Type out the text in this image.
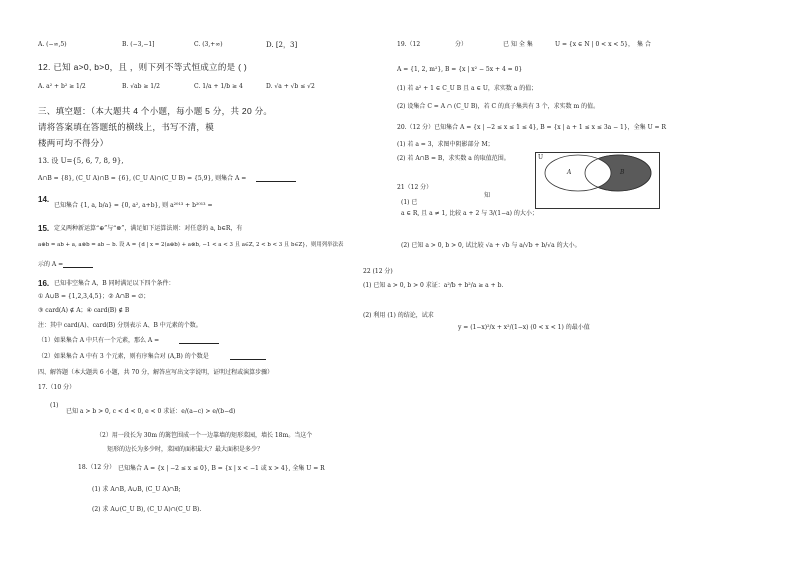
A. (−∞,5)	B. (−3,−1]	C. (3,+∞)	D. [2，3]
12. 已知 a>0, b>0，且 ，则下列不等式恒成立的是 ( )
A. a² + b² ≥ 1/2	B. √ab ≥ 1/2	C. 1/a + 1/b ≥ 4	D. √a + √b ≤ √2
三、填空题：（本大题共 4 个小题，每小题 5 分，共 20 分。
请将答案填在答题纸的横线上，书写不清，模
楼两可均不得分）
13. 设 U={5, 6, 7, 8, 9},
A∩B = {8}, (C_U A)∩B = {6}, (C_U A)∩(C_U B) = {5,9}, 则集合 A =
14.
已知集合 {1, a, b/a} = {0, a², a+b}, 则 a²⁰¹³ + b²⁰¹³ =
15. 定义两种新运算“⊕”与“⊗”，满足如下运算法则：对任意的 a, b∈R，有
a⊕b = ab + a, a⊗b = ab − b. 设 A = {d | x = 2(a⊕b) + a⊗b, −1 < a < 3 且 a∈Z, 2 < b < 3 且 b∈Z}，则用列举法表
示的 A =
16. 已知非空集合 A，B 同时满足以下四个条件：
① A∪B = {1,2,3,4,5}；② A∩B = ∅；
③ card(A) ∉ A；④ card(B) ∉ B
注：其中 card(A)、card(B) 分别表示 A、B 中元素的个数。
（1）如果集合 A 中只有一个元素，那么 A =
（2）如果集合 A 中有 3 个元素，则有序集合对 (A,B) 的个数是
四、解答题（本大题共 6 小题，共 70 分，解答应写出文字说明，证明过程或演算步骤）
17.（10 分）
(1)
已知 a > b > 0, c < d < 0, e < 0 求证：e/(a−c) > e/(b−d)
（2）用一段长为 30m 的篱笆围成一个一边靠墙的矩形菜园，墙长 18m。当这个
矩形的边长为多少时，菜园的面积最大？最大面积是多少？
18.（12 分） 已知集合 A = {x | −2 ≤ x ≤ 0}, B = {x | x < −1 或 x > 4}, 全集 U = R
(1) 求 A∩B, A∪B, (C_U A)∩B;
(2) 求 A∪(C_U B), (C_U A)∩(C_U B).
19.（12	分）	已 知 全 集	U = {x ∈ N | 0 < x < 5}， 集 合
A = {1, 2, m²}, B = {x | x² − 5x + 4 = 0}
(1) 若 a² + 1 ∈ C_U B 且 a ∈ U，求实数 a 的值；
(2) 设集合 C = A ∩ (C_U B)，若 C 的真子集共有 3 个，求实数 m 的值。
20.（12 分）已知集合 A = {x | −2 ≤ x ≤ 1 ≤ 4}, B = {x | a + 1 ≤ x ≤ 3a − 1}，全集 U = R
(1) 若 a = 3，求图中阴影部分 M；
(2) 若 A∩B = B，求实数 a 的取值范围。	U
A	B
21（12 分）
(1) 已
知
a ∈ R, 且 a ≠ 1, 比较 a + 2 与 3/(1−a) 的大小；
(2) 已知 a > 0, b > 0, 试比较 √a + √b 与 a/√b + b/√a 的大小。
22 (12 分)
(1) 已知 a > 0, b > 0 求证：a²/b + b²/a ≥ a + b.
(2) 利用 (1) 的结论，试求
y = (1−x)²/x + x²/(1−x) (0 < x < 1) 的最小值
